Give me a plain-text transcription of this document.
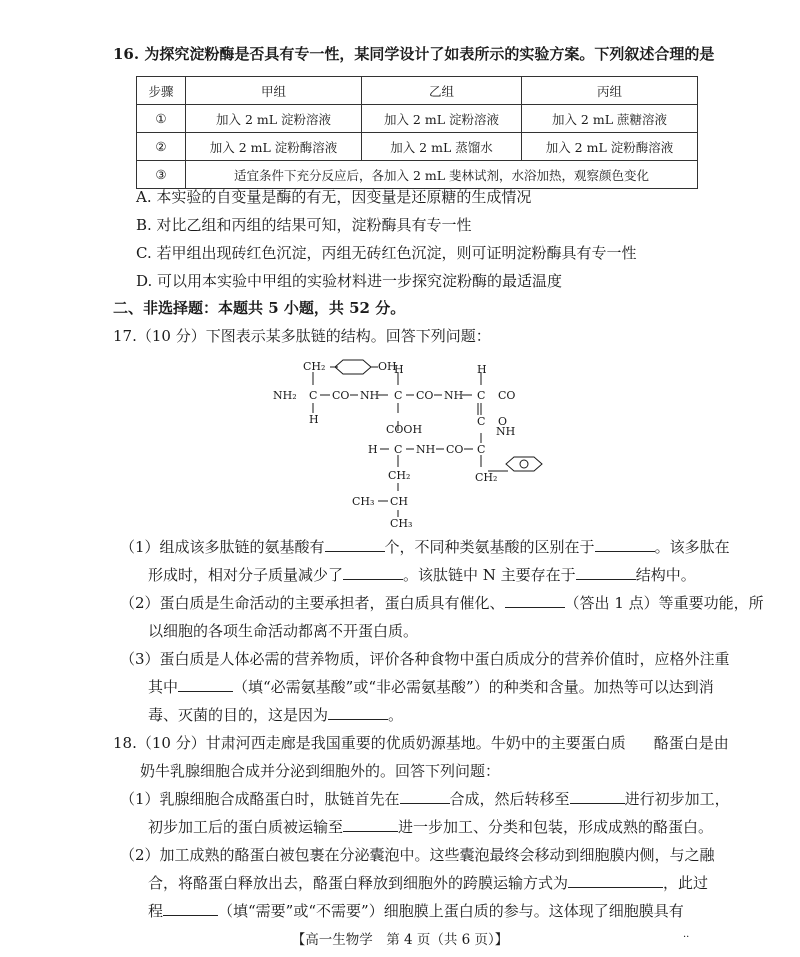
16. 为探究淀粉酶是否具有专一性，某同学设计了如表所示的实验方案。下列叙述合理的是
步骤	甲组	乙组	丙组
①	加入 2 mL 淀粉溶液	加入 2 mL 淀粉溶液	加入 2 mL 蔗糖溶液
②	加入 2 mL 淀粉酶溶液	加入 2 mL 蒸馏水	加入 2 mL 淀粉酶溶液
③	适宜条件下充分反应后，各加入 2 mL 斐林试剂，水浴加热，观察颜色变化		
A. 本实验的自变量是酶的有无，因变量是还原糖的生成情况
B. 对比乙组和丙组的结果可知，淀粉酶具有专一性
C. 若甲组出现砖红色沉淀，丙组无砖红色沉淀，则可证明淀粉酶具有专一性
D. 可以用本实验中甲组的实验材料进一步探究淀粉酶的最适温度
二、非选择题：本题共 5 小题，共 52 分。
17.（10 分）下图表示某多肽链的结构。回答下列问题：
CH₂	OH
NH₂ C CO NH C CO NH C CO
H
H	H
C O
COOH
H C NH CO C
NH
CH₂
CH₂
CH₃ CH
CH₃
（1）组成该多肽链的氨基酸有	个，不同种类氨基酸的区别在于	。该多肽在
形成时，相对分子质量减少了	。该肽链中 N 主要存在于	结构中。
（2）蛋白质是生命活动的主要承担者，蛋白质具有催化、	（答出 1 点）等重要功能，所
以细胞的各项生命活动都离不开蛋白质。
（3）蛋白质是人体必需的营养物质，评价各种食物中蛋白质成分的营养价值时，应格外注重
其中	（填“必需氨基酸”或“非必需氨基酸”）的种类和含量。加热等可以达到消
毒、灭菌的目的，这是因为	。
18.（10 分）甘肃河西走廊是我国重要的优质奶源基地。牛奶中的主要蛋白质 酪蛋白是由
奶牛乳腺细胞合成并分泌到细胞外的。回答下列问题：
（1）乳腺细胞合成酪蛋白时，肽链首先在	合成，然后转移至	进行初步加工，
初步加工后的蛋白质被运输至	进一步加工、分类和包装，形成成熟的酪蛋白。
（2）加工成熟的酪蛋白被包裹在分泌囊泡中。这些囊泡最终会移动到细胞膜内侧，与之融
合，将酪蛋白释放出去，酪蛋白释放到细胞外的跨膜运输方式为	，此过
程	（填“需要”或“不需要”）细胞膜上蛋白质的参与。这体现了细胞膜具有
【高一生物学　第 4 页（共 6 页）】	··
